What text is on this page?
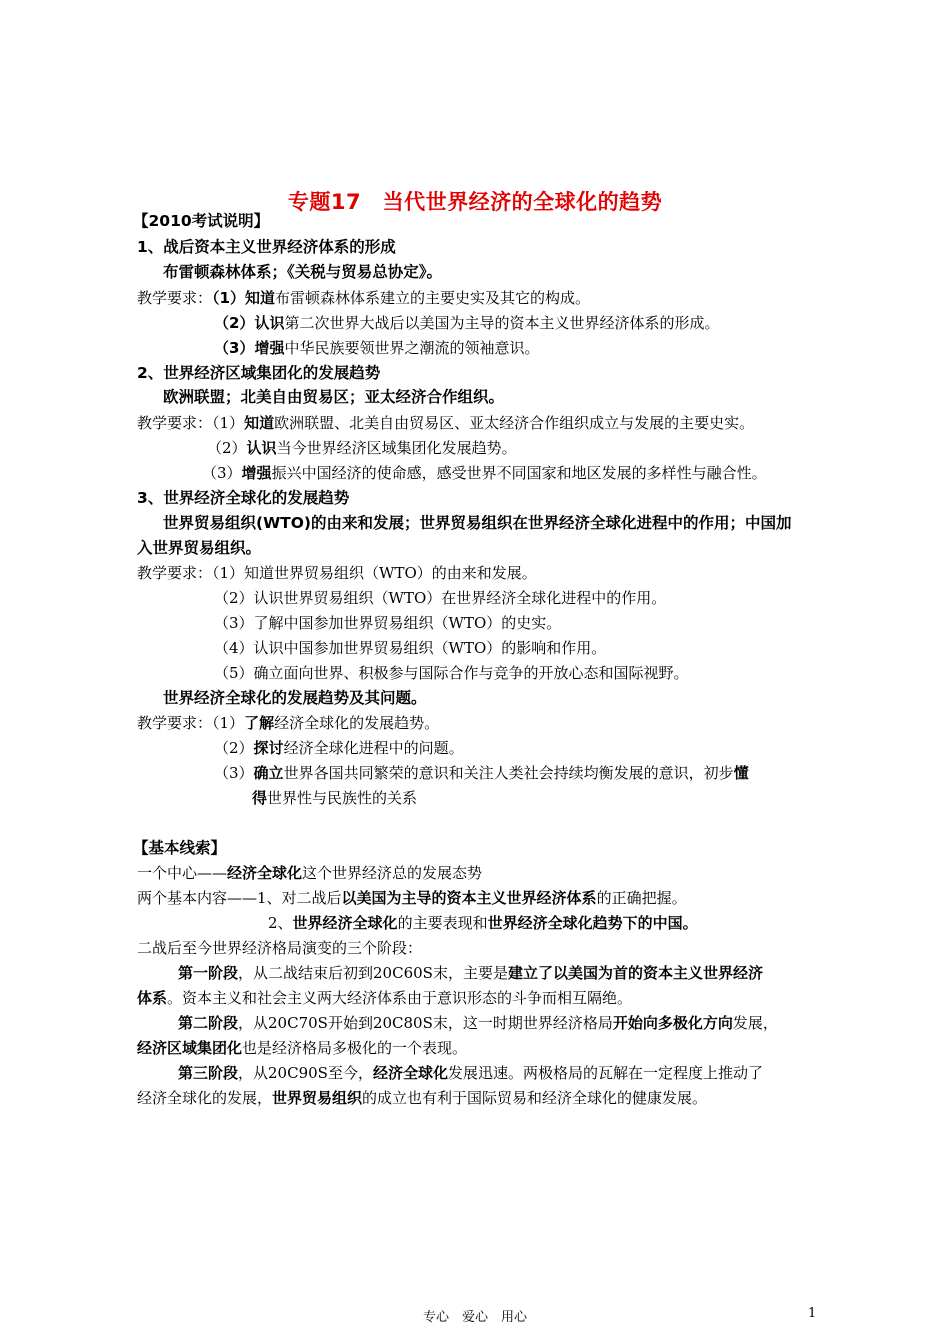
专题17　当代世界经济的全球化的趋势
【2010考试说明】
1、战后资本主义世界经济体系的形成
布雷顿森林体系；《关税与贸易总协定》。
教学要求：（1）知道布雷顿森林体系建立的主要史实及其它的构成。
（2）认识第二次世界大战后以美国为主导的资本主义世界经济体系的形成。
（3）增强中华民族要领世界之潮流的领袖意识。
2、世界经济区域集团化的发展趋势
欧洲联盟；北美自由贸易区；亚太经济合作组织。
教学要求：（1）知道欧洲联盟、北美自由贸易区、亚太经济合作组织成立与发展的主要史实。
（2）认识当今世界经济区域集团化发展趋势。
（3）增强振兴中国经济的使命感，感受世界不同国家和地区发展的多样性与融合性。
3、世界经济全球化的发展趋势
世界贸易组织(WTO)的由来和发展；世界贸易组织在世界经济全球化进程中的作用；中国加
入世界贸易组织。
教学要求：（1）知道世界贸易组织（WTO）的由来和发展。
（2）认识世界贸易组织（WTO）在世界经济全球化进程中的作用。
（3）了解中国参加世界贸易组织（WTO）的史实。
（4）认识中国参加世界贸易组织（WTO）的影响和作用。
（5）确立面向世界、积极参与国际合作与竞争的开放心态和国际视野。
世界经济全球化的发展趋势及其问题。
教学要求：（1）了解经济全球化的发展趋势。
（2）探讨经济全球化进程中的问题。
（3）确立世界各国共同繁荣的意识和关注人类社会持续均衡发展的意识，初步懂
得世界性与民族性的关系
【基本线索】
一个中心——经济全球化这个世界经济总的发展态势
两个基本内容——1、对二战后以美国为主导的资本主义世界经济体系的正确把握。
2、世界经济全球化的主要表现和世界经济全球化趋势下的中国。
二战后至今世界经济格局演变的三个阶段：
第一阶段，从二战结束后初到20C60S末，主要是建立了以美国为首的资本主义世界经济
体系。资本主义和社会主义两大经济体系由于意识形态的斗争而相互隔绝。
第二阶段，从20C70S开始到20C80S末，这一时期世界经济格局开始向多极化方向发展，
经济区域集团化也是经济格局多极化的一个表现。
第三阶段，从20C90S至今，经济全球化发展迅速。两极格局的瓦解在一定程度上推动了
经济全球化的发展，世界贸易组织的成立也有利于国际贸易和经济全球化的健康发展。
专心　爱心　用心	1
